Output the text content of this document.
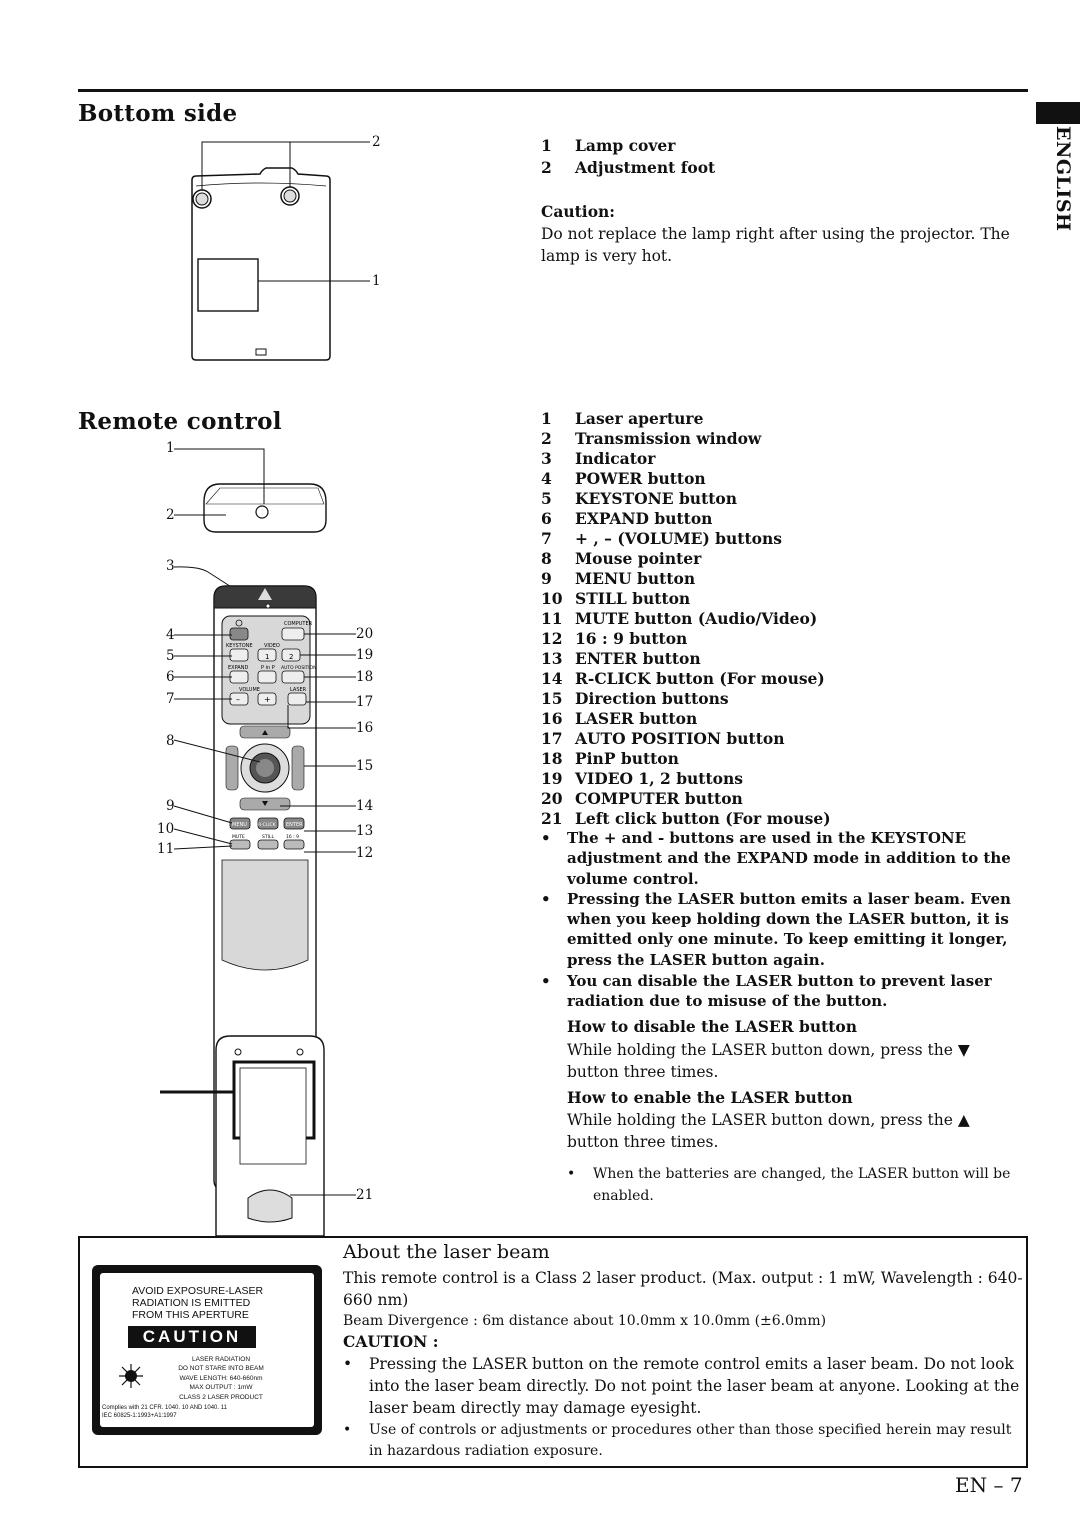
ENGLISH
Bottom side
2
1
1 Lamp cover
2 Adjustment foot
Caution:
Do not replace the lamp right after using the projector. The lamp is very hot.
Remote control
COMPUTER
KEYSTONE VIDEO
1	2
EXPAND	P in P AUTO POSITION
VOLUME
–	+
LASER
MENU R-CLICK ENTER
MUTE	STILL	16 : 9
1
2
3
4
5
6
7
8
9
10
11
20
19
18
17
16
15
14
13
12
21
1 Laser aperture
2 Transmission window
3 Indicator
4 POWER button
5 KEYSTONE button
6 EXPAND button
7 + , – (VOLUME) buttons
8 Mouse pointer
9 MENU button
10 STILL button
11 MUTE button (Audio/Video)
12 16 : 9 button
13 ENTER button
14 R-CLICK button (For mouse)
15 Direction buttons
16 LASER button
17 AUTO POSITION button
18 PinP button
19 VIDEO 1, 2 buttons
20 COMPUTER button
21 Left click button (For mouse)
• The + and - buttons are used in the KEYSTONE adjustment and the EXPAND mode in addition to the volume control.
• Pressing the LASER button emits a laser beam. Even when you keep holding down the LASER button, it is emitted only one minute. To keep emitting it longer, press the LASER button again.
• You can disable the LASER button to prevent laser radiation due to misuse of the button.
How to disable the LASER button
While holding the LASER button down, press the ▼ button three times.
How to enable the LASER button
While holding the LASER button down, press the ▲ button three times.
• When the batteries are changed, the LASER button will be enabled.
AVOID EXPOSURE-LASER
RADIATION IS EMITTED
FROM THIS APERTURE
CAUTION
LASER RADIATION
DO NOT STARE INTO BEAM
WAVE LENGTH: 640-660nm
MAX OUTPUT : 1mW
CLASS 2 LASER PRODUCT
Complies with 21 CFR. 1040. 10 AND 1040. 11
IEC 60825-1:1993+A1:1997
About the laser beam
This remote control is a Class 2 laser product. (Max. output : 1 mW, Wavelength : 640-660 nm)
Beam Divergence : 6m distance about 10.0mm x 10.0mm (±6.0mm)
CAUTION :
• Pressing the LASER button on the remote control emits a laser beam. Do not look into the laser beam directly. Do not point the laser beam at anyone. Looking at the laser beam directly may damage eyesight.
• Use of controls or adjustments or procedures other than those specified herein may result in hazardous radiation exposure.
EN – 7
